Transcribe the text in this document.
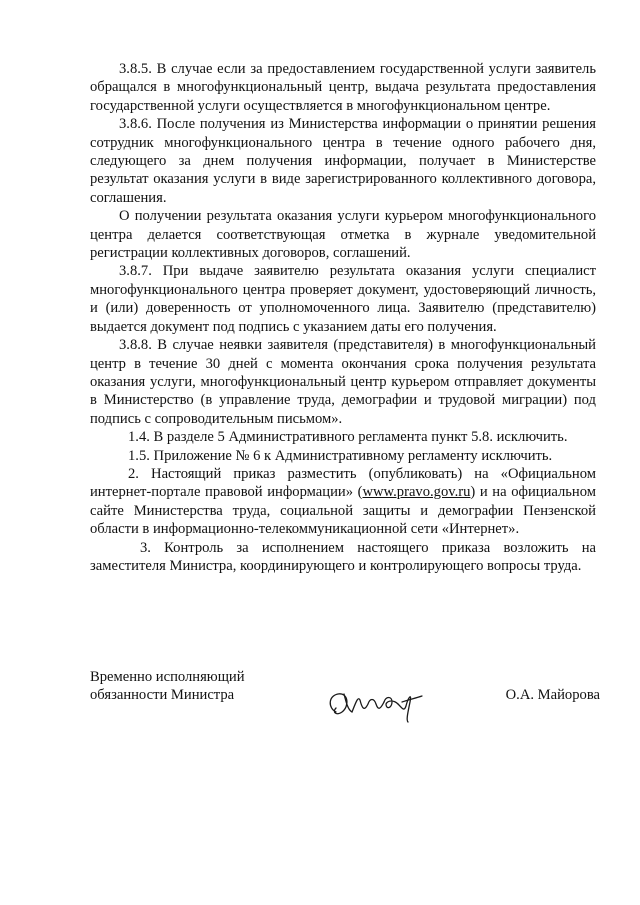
3.8.5. В случае если за предоставлением государственной услуги заявитель обращался в многофункциональный центр, выдача результата предоставления государственной услуги осуществляется в многофункциональном центре.

3.8.6. После получения из Министерства информации о принятии решения сотрудник многофункционального центра в течение одного рабочего дня, следующего за днем получения информации, получает в Министерстве результат оказания услуги в виде зарегистрированного коллективного договора, соглашения.

О получении результата оказания услуги курьером многофункционального центра делается соответствующая отметка в журнале уведомительной регистрации коллективных договоров, соглашений.

3.8.7. При выдаче заявителю результата оказания услуги специалист многофункционального центра проверяет документ, удостоверяющий личность, и (или) доверенность от уполномоченного лица. Заявителю (представителю) выдается документ под подпись с указанием даты его получения.

3.8.8. В случае неявки заявителя (представителя) в многофункциональный центр в течение 30 дней с момента окончания срока получения результата оказания услуги, многофункциональный центр курьером отправляет документы в Министерство (в управление труда, демографии и трудовой миграции) под подпись с сопроводительным письмом».

1.4. В разделе 5 Административного регламента пункт 5.8. исключить.

1.5. Приложение № 6 к Административному регламенту исключить.

2. Настоящий приказ разместить (опубликовать) на «Официальном интернет-портале правовой информации» (www.pravo.gov.ru) и на официальном сайте Министерства труда, социальной защиты и демографии Пензенской области в информационно-телекоммуникационной сети «Интернет».

3. Контроль за исполнением настоящего приказа возложить на заместителя Министра, координирующего и контролирующего вопросы труда.

Временно исполняющий
обязанности Министра	О.А. Майорова
